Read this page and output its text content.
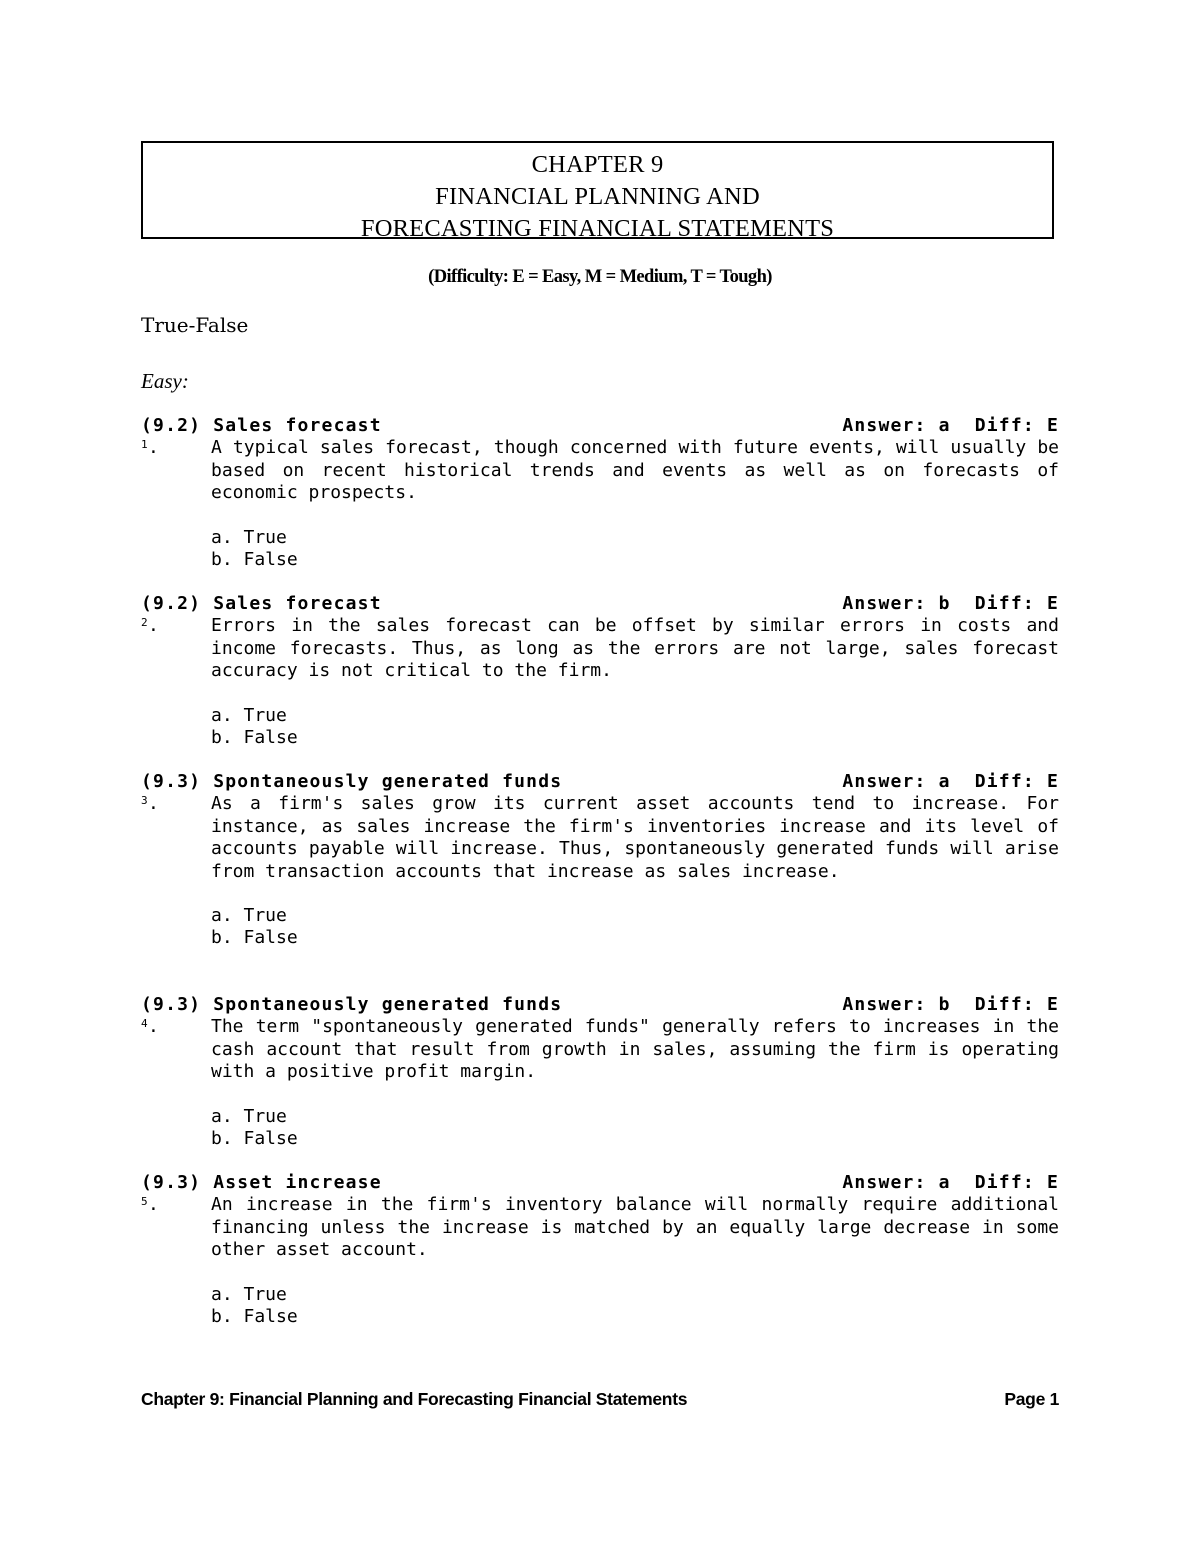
CHAPTER 9
FINANCIAL PLANNING AND
FORECASTING FINANCIAL STATEMENTS
(Difficulty: E = Easy, M = Medium, T = Tough)
True-False
Easy:
(9.2) Sales forecast	Answer: a  Diff: E
1 .	A typical sales forecast, though concerned with future events, will usually be based on recent historical trends and events as well as on forecasts of economic prospects.
a. True
b. False
(9.2) Sales forecast	Answer: b  Diff: E
2 .	Errors in the sales forecast can be offset by similar errors in costs and income forecasts. Thus, as long as the errors are not large, sales forecast accuracy is not critical to the firm.
a. True
b. False
(9.3) Spontaneously generated funds	Answer: a  Diff: E
3 .	As a firm's sales grow its current asset accounts tend to increase. For instance, as sales increase the firm's inventories increase and its level of accounts payable will increase. Thus, spontaneously generated funds will arise from transaction accounts that increase as sales increase.
a. True
b. False
(9.3) Spontaneously generated funds	Answer: b  Diff: E
4 .	The term "spontaneously generated funds" generally refers to increases in the cash account that result from growth in sales, assuming the firm is operating with a positive profit margin.
a. True
b. False
(9.3) Asset increase	Answer: a  Diff: E
5 .	An increase in the firm's inventory balance will normally require additional financing unless the increase is matched by an equally large decrease in some other asset account.
a. True
b. False
Chapter 9: Financial Planning and Forecasting Financial Statements	Page 1
